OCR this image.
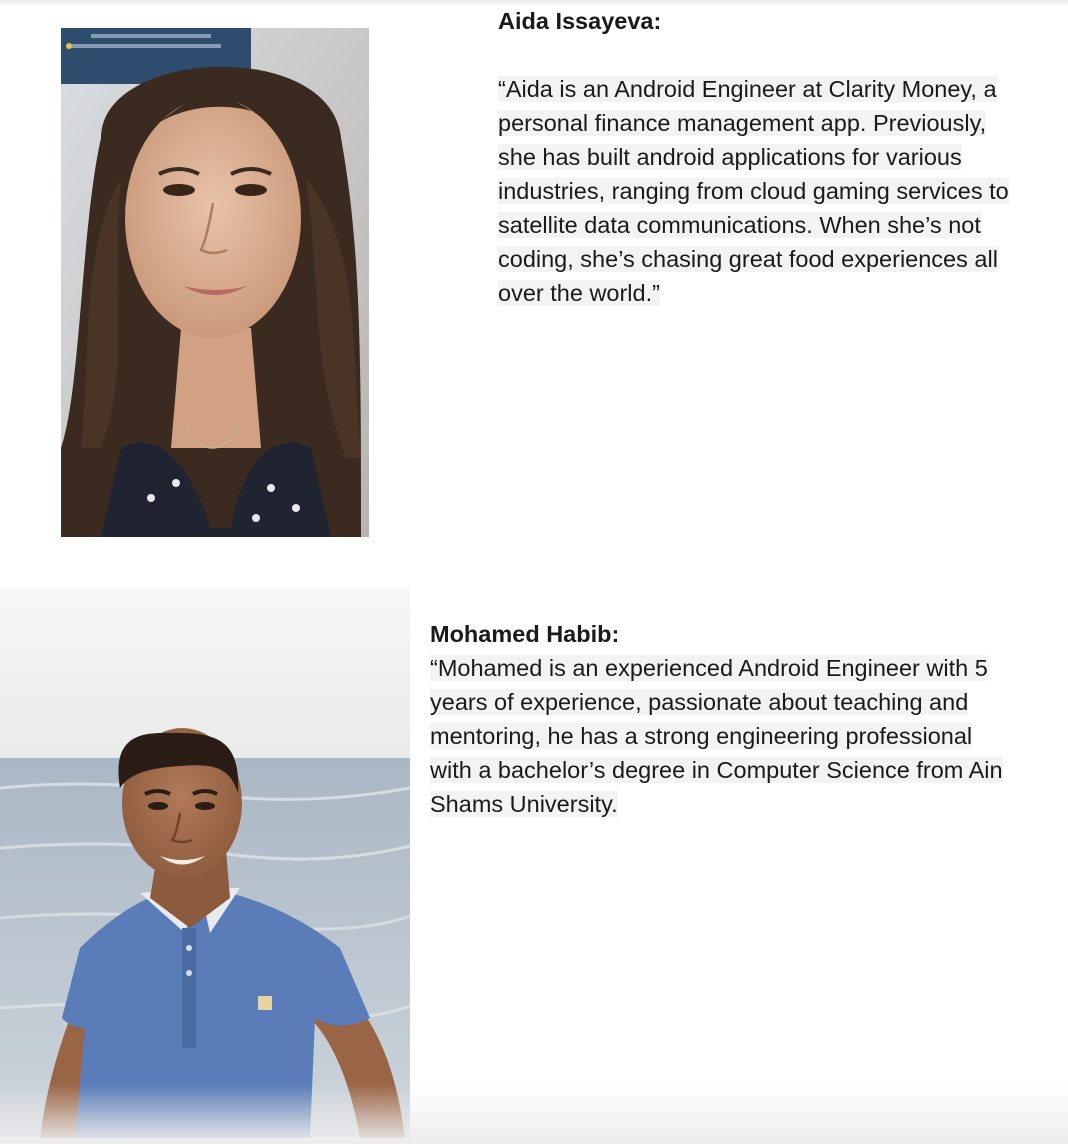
Aida Issayeva:
“Aida is an Android Engineer at Clarity Money, a
personal finance management app. Previously,
she has built android applications for various
industries, ranging from cloud gaming services to
satellite data communications. When she’s not
coding, she’s chasing great food experiences all
over the world.”
Mohamed Habib:
“Mohamed is an experienced Android Engineer with 5
years of experience, passionate about teaching and
mentoring, he has a strong engineering professional
with a bachelor’s degree in Computer Science from Ain
Shams University.
